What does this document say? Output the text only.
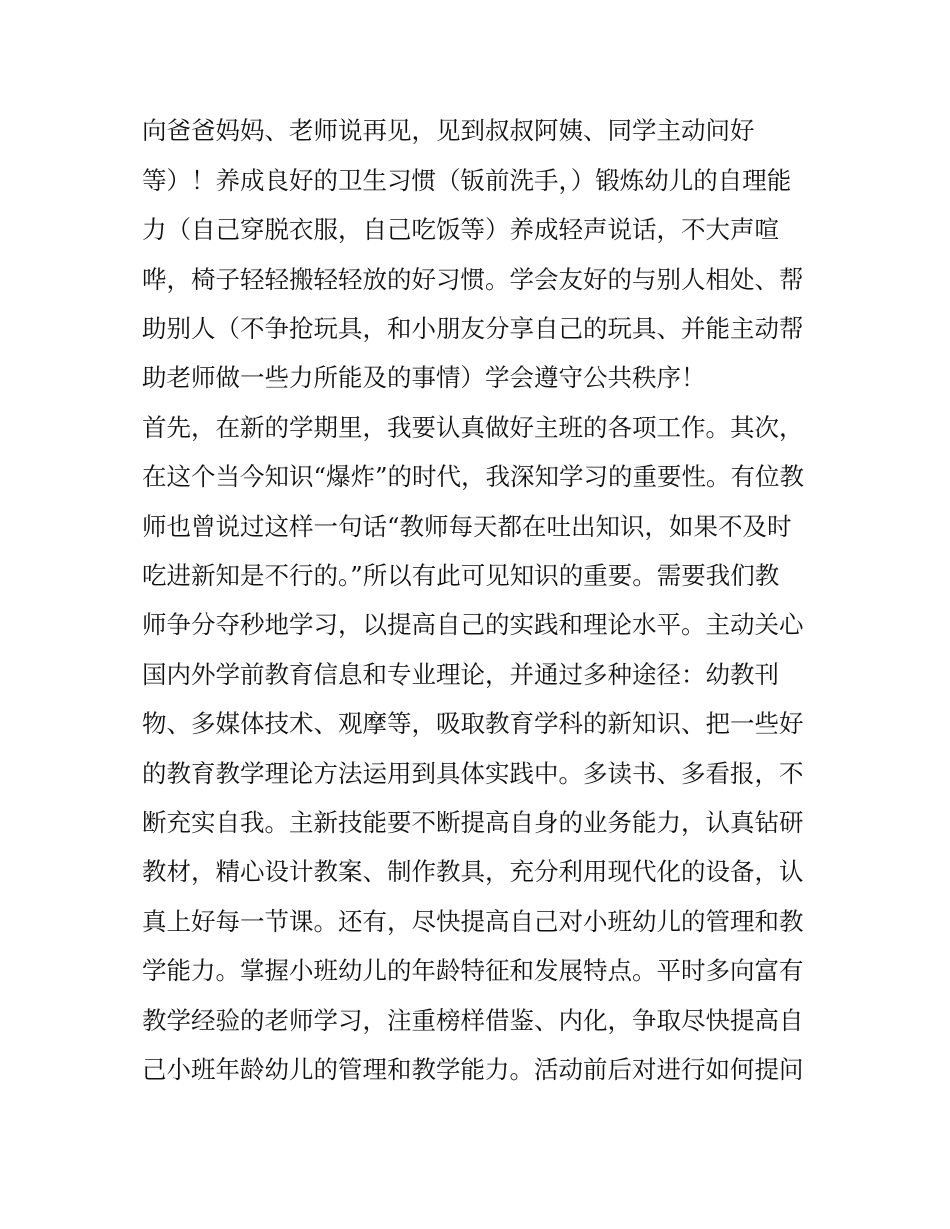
向爸爸妈妈、老师说再见，见到叔叔阿姨、同学主动问好
等）！养成良好的卫生习惯（钣前洗手，）锻炼幼儿的自理能
力（自己穿脱衣服，自己吃饭等）养成轻声说话，不大声喧
哗，椅子轻轻搬轻轻放的好习惯。学会友好的与别人相处、帮
助别人（不争抢玩具，和小朋友分享自己的玩具、并能主动帮
助老师做一些力所能及的事情）学会遵守公共秩序！
首先，在新的学期里，我要认真做好主班的各项工作。其次，
在这个当今知识“爆炸”的时代，我深知学习的重要性。有位教
师也曾说过这样一句话“教师每天都在吐出知识，如果不及时
吃进新知是不行的。”所以有此可见知识的重要。需要我们教
师争分夺秒地学习，以提高自己的实践和理论水平。主动关心
国内外学前教育信息和专业理论，并通过多种途径：幼教刊
物、多媒体技术、观摩等，吸取教育学科的新知识、把一些好
的教育教学理论方法运用到具体实践中。多读书、多看报，不
断充实自我。主新技能要不断提高自身的业务能力，认真钻研
教材，精心设计教案、制作教具，充分利用现代化的设备，认
真上好每一节课。还有，尽快提高自己对小班幼儿的管理和教
学能力。掌握小班幼儿的年龄特征和发展特点。平时多向富有
教学经验的老师学习，注重榜样借鉴、内化，争取尽快提高自
己小班年龄幼儿的管理和教学能力。活动前后对进行如何提问
